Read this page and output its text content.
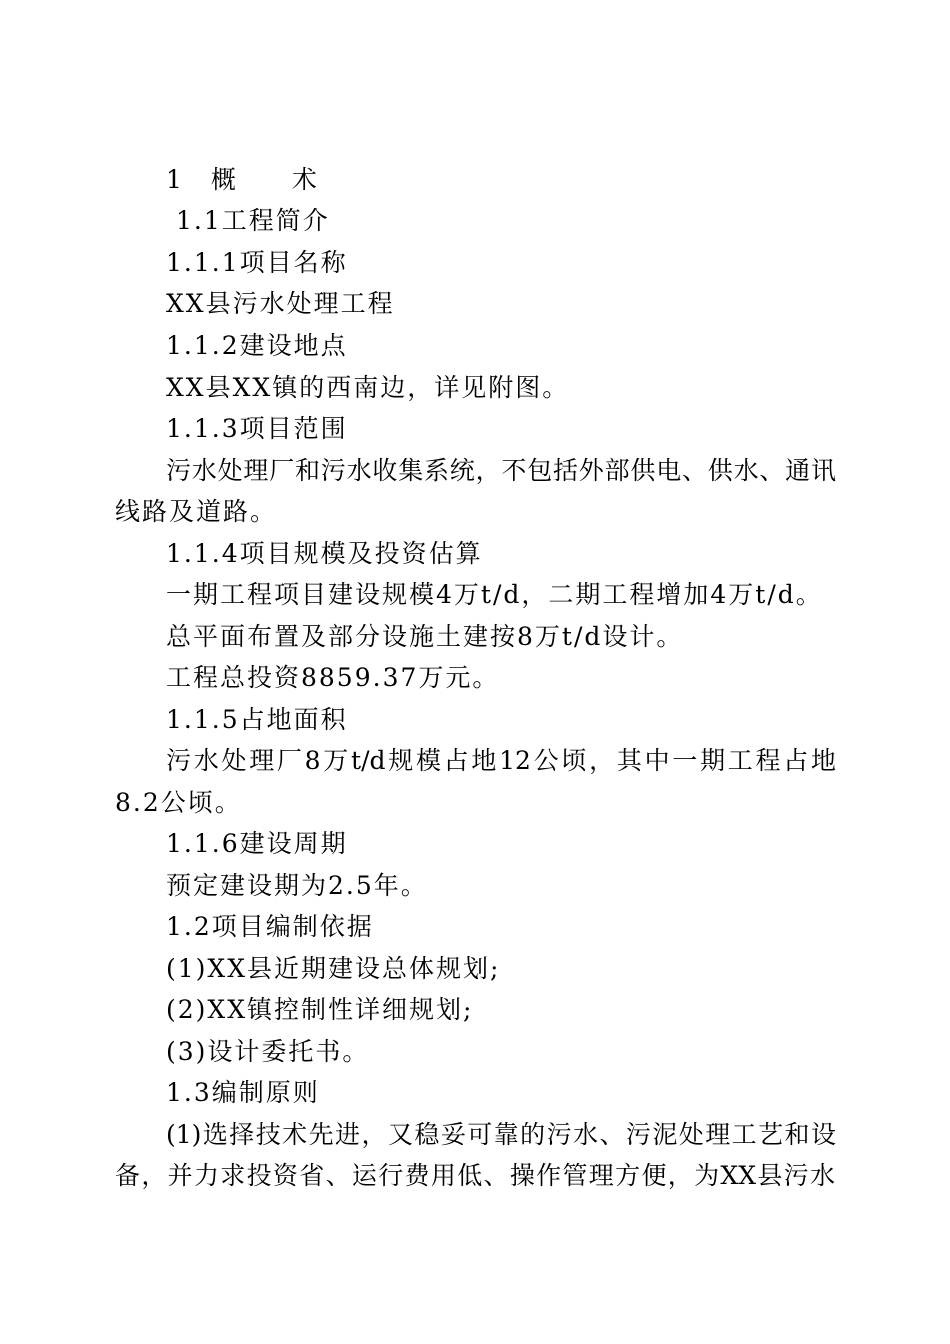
1　概　　术
1.1工程简介
1.1.1项目名称
XX县污水处理工程
1.1.2建设地点
XX县XX镇的西南边，详见附图。
1.1.3项目范围
污水处理厂和污水收集系统，不包括外部供电、供水、通讯
线路及道路。
1.1.4项目规模及投资估算
一期工程项目建设规模4万t/d，二期工程增加4万t/d。
总平面布置及部分设施土建按8万t/d设计。
工程总投资8859.37万元。
1.1.5占地面积
污水处理厂8万t/d规模占地12公顷，其中一期工程占地
8.2公顷。
1.1.6建设周期
预定建设期为2.5年。
1.2项目编制依据
(1)XX县近期建设总体规划;
(2)XX镇控制性详细规划;
(3)设计委托书。
1.3编制原则
(1)选择技术先进，又稳妥可靠的污水、污泥处理工艺和设
备，并力求投资省、运行费用低、操作管理方便，为XX县污水
